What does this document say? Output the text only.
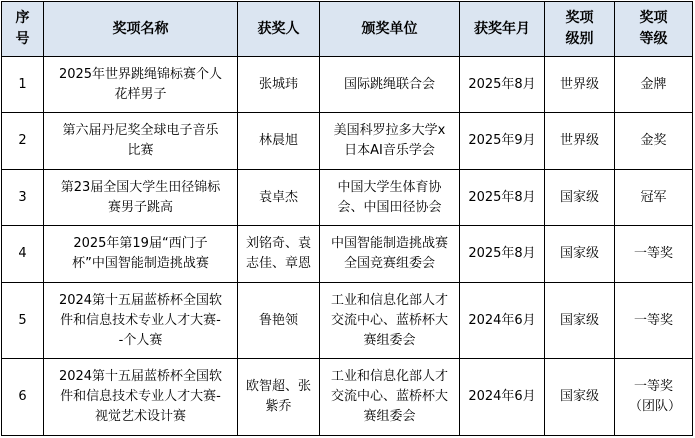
序号	奖项名称	获奖人	颁奖单位	获奖年月	奖项级别	奖项等级
1	2025年世界跳绳锦标赛个人花样男子	张城玮	国际跳绳联合会	2025年8月	世界级	金牌
2	第六届丹尼奖全球电子音乐比赛	林晨旭	美国科罗拉多大学x日本AI音乐学会	2025年9月	世界级	金奖
3	第23届全国大学生田径锦标赛男子跳高	袁卓杰	中国大学生体育协会、中国田径协会	2025年8月	国家级	冠军
4	2025年第19届“西门子杯”中国智能制造挑战赛	刘铭奇、袁志佳、章恩	中国智能制造挑战赛全国竞赛组委会	2025年8月	国家级	一等奖
5	2024第十五届蓝桥杯全国软件和信息技术专业人才大赛--个人赛	鲁艳领	工业和信息化部人才交流中心、蓝桥杯大赛组委会	2024年6月	国家级	一等奖
6	2024第十五届蓝桥杯全国软件和信息技术专业人才大赛-视觉艺术设计赛	欧智超、张紫乔	工业和信息化部人才交流中心、蓝桥杯大赛组委会	2024年6月	国家级	一等奖（团队）
